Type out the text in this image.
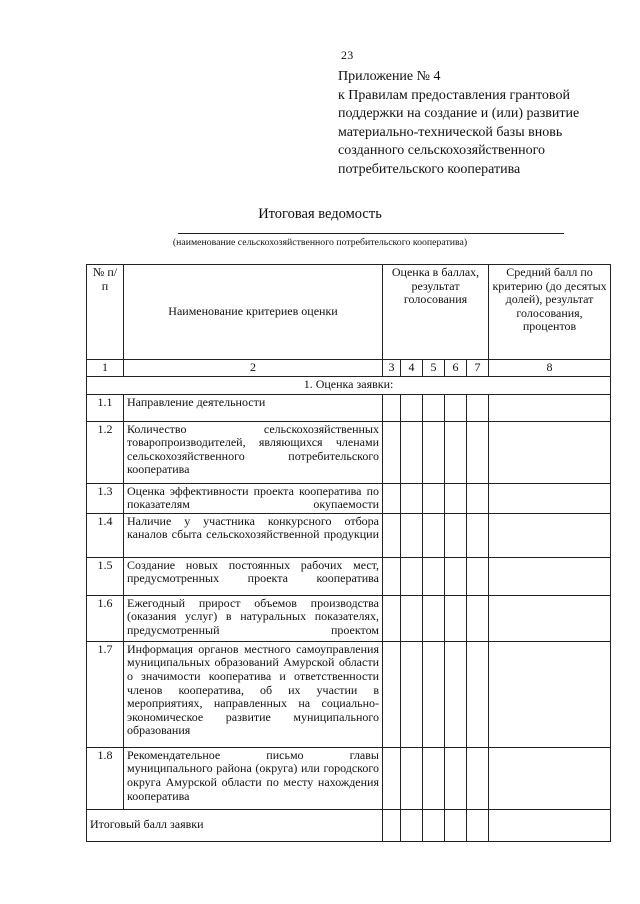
23
Приложение № 4
к Правилам предоставления грантовой
поддержки на создание и (или) развитие
материально-технической базы вновь
созданного сельскохозяйственного
потребительского кооператива
Итоговая ведомость
(наименование сельскохозяйственного потребительского кооператива)
№ п/п	Наименование критериев оценки	Оценка в баллах, результат голосования					Средний балл по критерию (до десятых долей), результат голосования, процентов
1	2	3	4	5	6	7	8
1. Оценка заявки:							
1.1	Направление деятельности						
1.2	Количество сельскохозяйственных товаропроизводителей, являющихся членами сельскохозяйственного потребительского кооператива						
1.3	Оценка эффективности проекта кооператива по показателям окупаемости						
1.4	Наличие у участника конкурсного отбора каналов сбыта сельскохозяйственной продукции						
1.5	Создание новых постоянных рабочих мест, предусмотренных проекта кооператива						
1.6	Ежегодный прирост объемов производства (оказания услуг) в натуральных показателях, предусмотренный проектом						
1.7	Информация органов местного самоуправления муниципальных образований Амурской области о значимости кооператива и ответственности членов кооператива, об их участии в мероприятиях, направленных на социально-экономическое развитие муниципального образования						
1.8	Рекомендательное письмо главы муниципального района (округа) или городского округа Амурской области по месту нахождения кооператива						
Итоговый балл заявки							
